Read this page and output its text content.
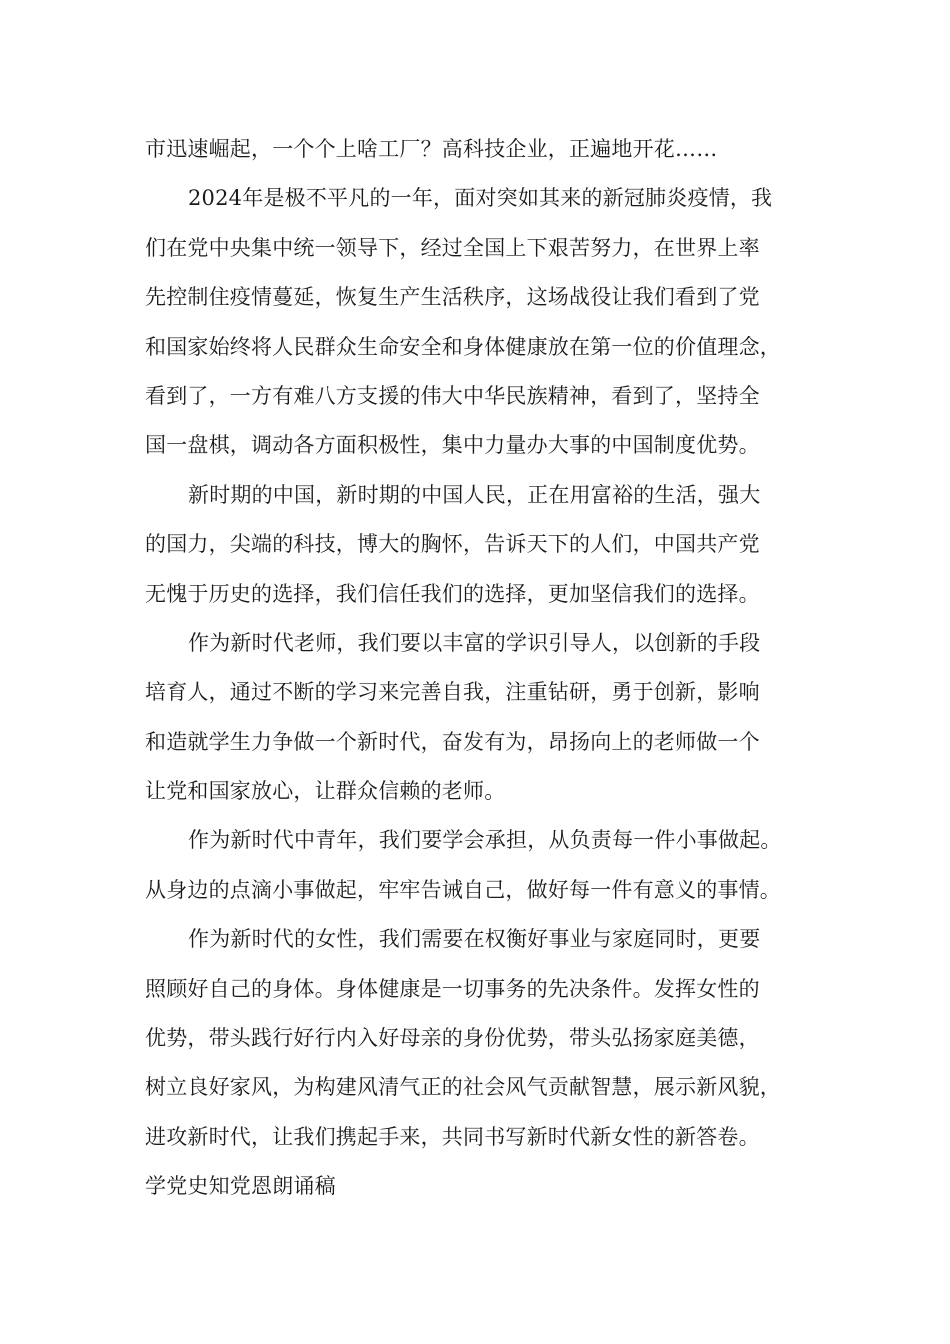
市迅速崛起，一个个上啥工厂？高科技企业，正遍地开花……
2024年是极不平凡的一年，面对突如其来的新冠肺炎疫情，我
们在党中央集中统一领导下，经过全国上下艰苦努力，在世界上率
先控制住疫情蔓延，恢复生产生活秩序，这场战役让我们看到了党
和国家始终将人民群众生命安全和身体健康放在第一位的价值理念，
看到了，一方有难八方支援的伟大中华民族精神，看到了，坚持全
国一盘棋，调动各方面积极性，集中力量办大事的中国制度优势。
新时期的中国，新时期的中国人民，正在用富裕的生活，强大
的国力，尖端的科技，博大的胸怀，告诉天下的人们，中国共产党
无愧于历史的选择，我们信任我们的选择，更加坚信我们的选择。
作为新时代老师，我们要以丰富的学识引导人，以创新的手段
培育人，通过不断的学习来完善自我，注重钻研，勇于创新，影响
和造就学生力争做一个新时代，奋发有为，昂扬向上的老师做一个
让党和国家放心，让群众信赖的老师。
作为新时代中青年，我们要学会承担，从负责每一件小事做起。
从身边的点滴小事做起，牢牢告诫自己，做好每一件有意义的事情。
作为新时代的女性，我们需要在权衡好事业与家庭同时，更要
照顾好自己的身体。身体健康是一切事务的先决条件。发挥女性的
优势，带头践行好行内入好母亲的身份优势，带头弘扬家庭美德，
树立良好家风，为构建风清气正的社会风气贡献智慧，展示新风貌，
进攻新时代，让我们携起手来，共同书写新时代新女性的新答卷。
学党史知党恩朗诵稿
